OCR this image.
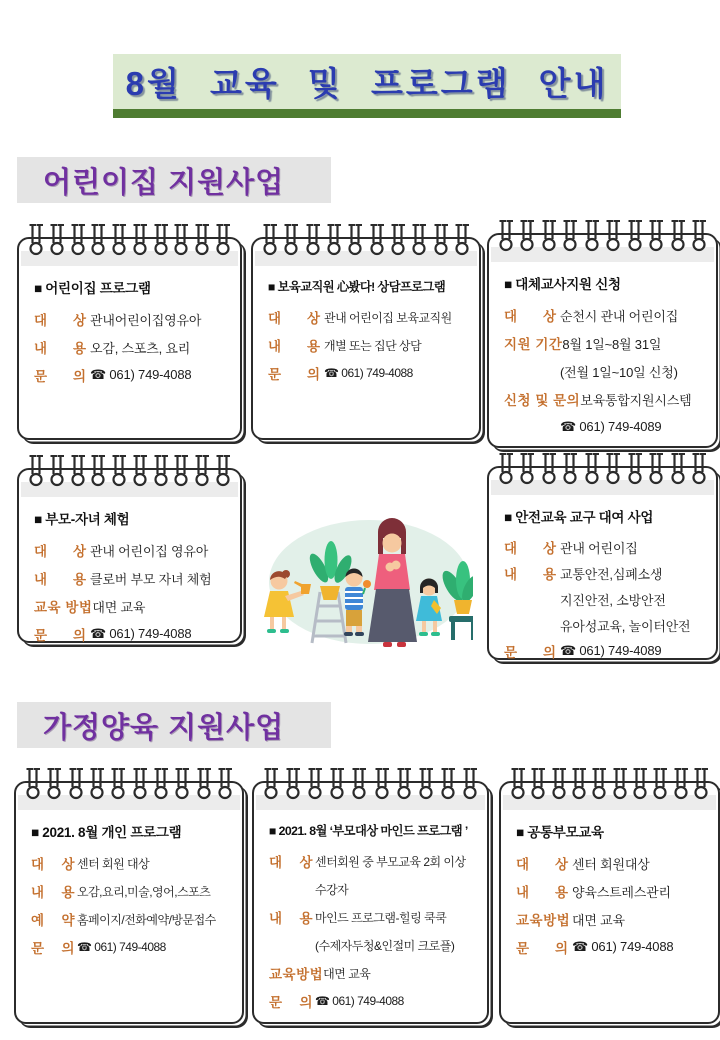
8월 교육 및 프로그램 안내
어린이집 지원사업
■ 어린이집 프로그램
대      상 관내어린이집영유아
내      용 오감, 스포츠, 요리
문      의 ☎ 061) 749-4088
■ 보육교직원 心봤다! 상담프로그램
대      상 관내 어린이집 보육교직원
내      용 개별 또는 집단 상담
문      의 ☎ 061) 749-4088
■ 대체교사지원 신청
대      상 순천시 관내 어린이집
지원 기간 8월 1일~8월 31일
(전월 1일~10일 신청)
신청 및 문의 보육통합지원시스템
☎ 061) 749-4089
■ 부모-자녀 체험
대      상 관내 어린이집 영유아
내      용 클로버 부모 자녀 체험
교육 방법 대면 교육
문      의 ☎ 061) 749-4088
■ 안전교육 교구 대여 사업
대      상 관내 어린이집
내      용 교통안전,심폐소생
지진안전, 소방안전
유아성교육, 놀이터안전
문      의 ☎ 061) 749-4089
가정양육 지원사업
■ 2021. 8월 개인 프로그램
대    상 센터 회원 대상
내    용 오감,요리,미술,영어,스포츠
예    약 홈페이지/전화예약/방문접수
문    의 ☎ 061) 749-4088
■ 2021. 8월 ‘부모대상 마인드 프로그램 ’
대    상 센터회원 중 부모교육 2회 이상
수강자
내    용 마인드 프로그램-힐링 쿡쿡
(수제자두청&인절미 크로플)
교육방법 대면 교육
문    의 ☎ 061) 749-4088
■ 공통부모교육
대      상 센터 회원대상
내      용 양육스트레스관리
교육방법 대면 교육
문      의 ☎ 061) 749-4088
